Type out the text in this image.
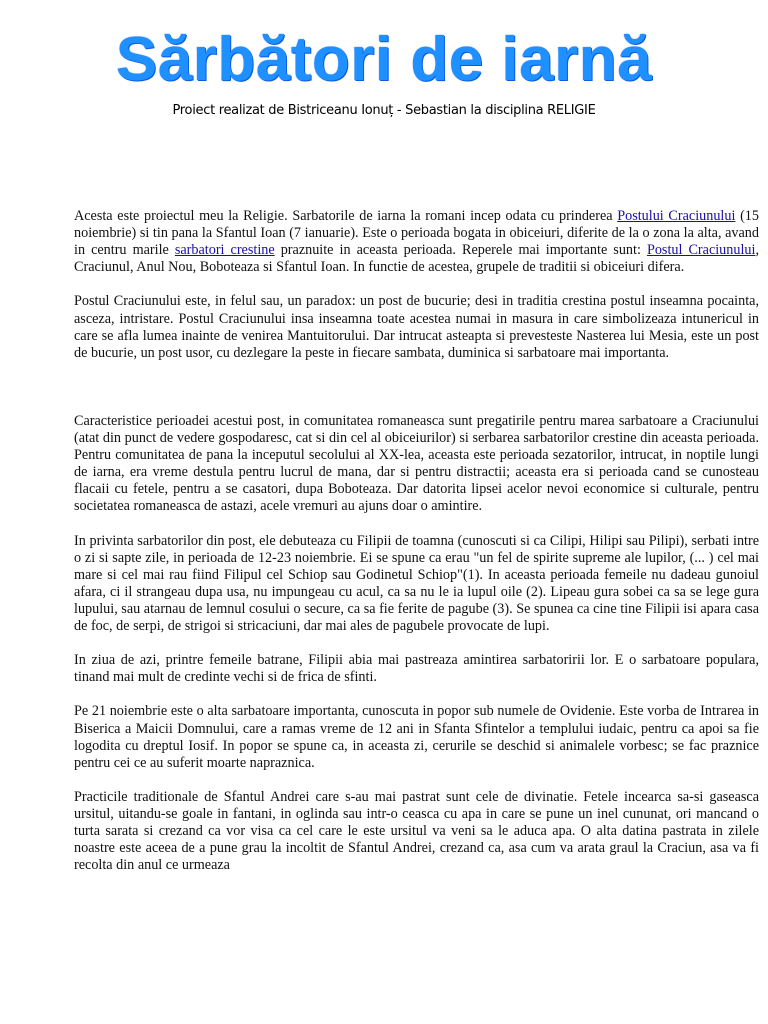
Sărbători de iarnă
Proiect realizat de Bistriceanu Ionuț - Sebastian la disciplina RELIGIE

Acesta este proiectul meu la Religie. Sarbatorile de iarna la romani incep odata cu prinderea Postului Craciunului (15 noiembrie) si tin pana la Sfantul Ioan (7 ianuarie). Este o perioada bogata in obiceiuri, diferite de la o zona la alta, avand in centru marile sarbatori crestine praznuite in aceasta perioada. Reperele mai importante sunt: Postul Craciunului, Craciunul, Anul Nou, Boboteaza si Sfantul Ioan. In functie de acestea, grupele de traditii si obiceiuri difera.

Postul Craciunului este, in felul sau, un paradox: un post de bucurie; desi in traditia crestina postul inseamna pocainta, asceza, intristare. Postul Craciunului insa inseamna toate acestea numai in masura in care simbolizeaza intunericul in care se afla lumea inainte de venirea Mantuitorului. Dar intrucat asteapta si prevesteste Nasterea lui Mesia, este un post de bucurie, un post usor, cu dezlegare la peste in fiecare sambata, duminica si sarbatoare mai importanta.

Caracteristice perioadei acestui post, in comunitatea romaneasca sunt pregatirile pentru marea sarbatoare a Craciunului (atat din punct de vedere gospodaresc, cat si din cel al obiceiurilor) si serbarea sarbatorilor crestine din aceasta perioada. Pentru comunitatea de pana la inceputul secolului al XX-lea, aceasta este perioada sezatorilor, intrucat, in noptile lungi de iarna, era vreme destula pentru lucrul de mana, dar si pentru distractii; aceasta era si perioada cand se cunosteau flacaii cu fetele, pentru a se casatori, dupa Boboteaza. Dar datorita lipsei acelor nevoi economice si culturale, pentru societatea romaneasca de astazi, acele vremuri au ajuns doar o amintire.

In privinta sarbatorilor din post, ele debuteaza cu Filipii de toamna (cunoscuti si ca Cilipi, Hilipi sau Pilipi), serbati intre o zi si sapte zile, in perioada de 12-23 noiembrie. Ei se spune ca erau "un fel de spirite supreme ale lupilor, (... ) cel mai mare si cel mai rau fiind Filipul cel Schiop sau Godinetul Schiop"(1). In aceasta perioada femeile nu dadeau gunoiul afara, ci il strangeau dupa usa, nu impungeau cu acul, ca sa nu le ia lupul oile (2). Lipeau gura sobei ca sa se lege gura lupului, sau atarnau de lemnul cosului o secure, ca sa fie ferite de pagube (3). Se spunea ca cine tine Filipii isi apara casa de foc, de serpi, de strigoi si stricaciuni, dar mai ales de pagubele provocate de lupi.

In ziua de azi, printre femeile batrane, Filipii abia mai pastreaza amintirea sarbatoririi lor. E o sarbatoare populara, tinand mai mult de credinte vechi si de frica de sfinti.

Pe 21 noiembrie este o alta sarbatoare importanta, cunoscuta in popor sub numele de Ovidenie. Este vorba de Intrarea in Biserica a Maicii Domnului, care a ramas vreme de 12 ani in Sfanta Sfintelor a templului iudaic, pentru ca apoi sa fie logodita cu dreptul Iosif. In popor se spune ca, in aceasta zi, cerurile se deschid si animalele vorbesc; se fac praznice pentru cei ce au suferit moarte napraznica.

Practicile traditionale de Sfantul Andrei care s-au mai pastrat sunt cele de divinatie. Fetele incearca sa-si gaseasca ursitul, uitandu-se goale in fantani, in oglinda sau intr-o ceasca cu apa in care se pune un inel cununat, ori mancand o turta sarata si crezand ca vor visa ca cel care le este ursitul va veni sa le aduca apa. O alta datina pastrata in zilele noastre este aceea de a pune grau la incoltit de Sfantul Andrei, crezand ca, asa cum va arata graul la Craciun, asa va fi recolta din anul ce urmeaza
